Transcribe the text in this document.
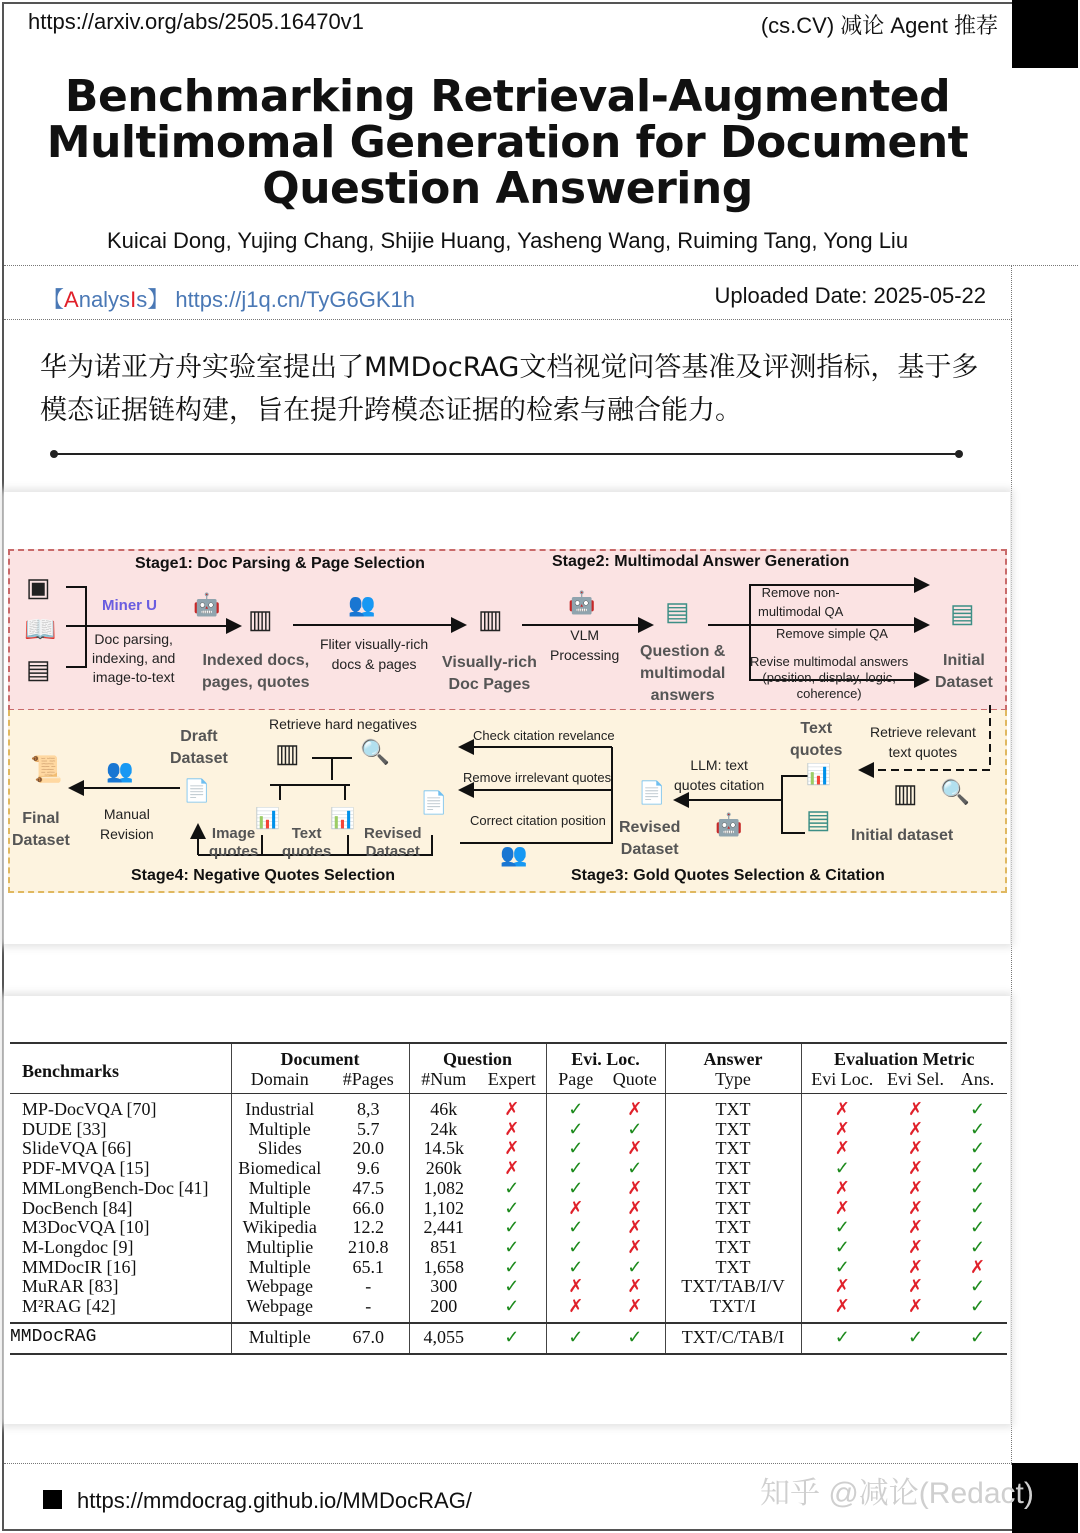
https://arxiv.org/abs/2505.16470v1	(cs.CV) 减论 Agent 推荐
Benchmarking Retrieval-Augmented Multimomal Generation for Document Question Answering
Kuicai Dong, Yujing Chang, Shijie Huang, Yasheng Wang, Ruiming Tang, Yong Liu
【AnalysIs】 https://j1q.cn/TyG6GK1h	Uploaded Date: 2025-05-22
华为诺亚方舟实验室提出了MMDocRAG文档视觉问答基准及评测指标，基于多模态证据链构建，旨在提升跨模态证据的检索与融合能力。
▣
📖
▤
🤖 ▥	👥	▥
🤖	▤	▤
📊
▤
▥ 🔍
🤖
📄
👥
▥	🔍
📊	📊
📄
📄
👥
📜
Stage1: Doc Parsing & Page Selection	Stage2: Multimodal Answer Generation
Stage3: Gold Quotes Selection & Citation
Stage4: Negative Quotes Selection
Miner U
Doc parsing,
indexing, and
image-to-text
Indexed docs,
pages, quotes
Fliter visually-rich
docs & pages	Visually-rich
Doc Pages
VLM
Processing Question &
multimodal
answers
Remove non-
multimodal QA
Remove simple QA
Revise multimodal answers
(position, display, logic,
coherence)
Initial
Dataset
Text
quotes
Retrieve relevant
text quotes
LLM: text
quotes citation
Initial dataset
Revised
Dataset
Check citation revelance
Remove irrelevant quotes
Correct citation position
Retrieve hard negatives
Draft
Dataset
Image
quotes
Text
quotes
Revised
Dataset
Manual
Revision
Final
Dataset
Benchmarks	Document		Question		Evi. Loc.		Answer	Evaluation Metric		
	Domain	#Pages	#Num	Expert	Page	Quote	Type	Evi Loc.	Evi Sel.	Ans.
MP-DocVQA [70]	Industrial	8,3	46k	✗	✓	✗	TXT	✗	✗	✓
DUDE [33]	Multiple	5.7	24k	✗	✓	✓	TXT	✗	✗	✓
SlideVQA [66]	Slides	20.0	14.5k	✗	✓	✗	TXT	✗	✗	✓
PDF-MVQA [15]	Biomedical	9.6	260k	✗	✓	✓	TXT	✓	✗	✓
MMLongBench-Doc [41]	Multiple	47.5	1,082	✓	✓	✗	TXT	✗	✗	✓
DocBench [84]	Multiple	66.0	1,102	✓	✗	✗	TXT	✗	✗	✓
M3DocVQA [10]	Wikipedia	12.2	2,441	✓	✓	✗	TXT	✓	✗	✓
M-Longdoc [9]	Multiplie	210.8	851	✓	✓	✗	TXT	✓	✗	✓
MMDocIR [16]	Multiple	65.1	1,658	✓	✓	✓	TXT	✓	✗	✗
MuRAR [83]	Webpage	-	300	✓	✗	✗	TXT/TAB/I/V	✗	✗	✓
M²RAG [42]	Webpage	-	200	✓	✗	✗	TXT/I	✗	✗	✓
MMDocRAG	Multiple	67.0	4,055	✓	✓	✓	TXT/C/TAB/I	✓	✓	✓
https://mmdocrag.github.io/MMDocRAG/	知乎 @减论(Redact)
